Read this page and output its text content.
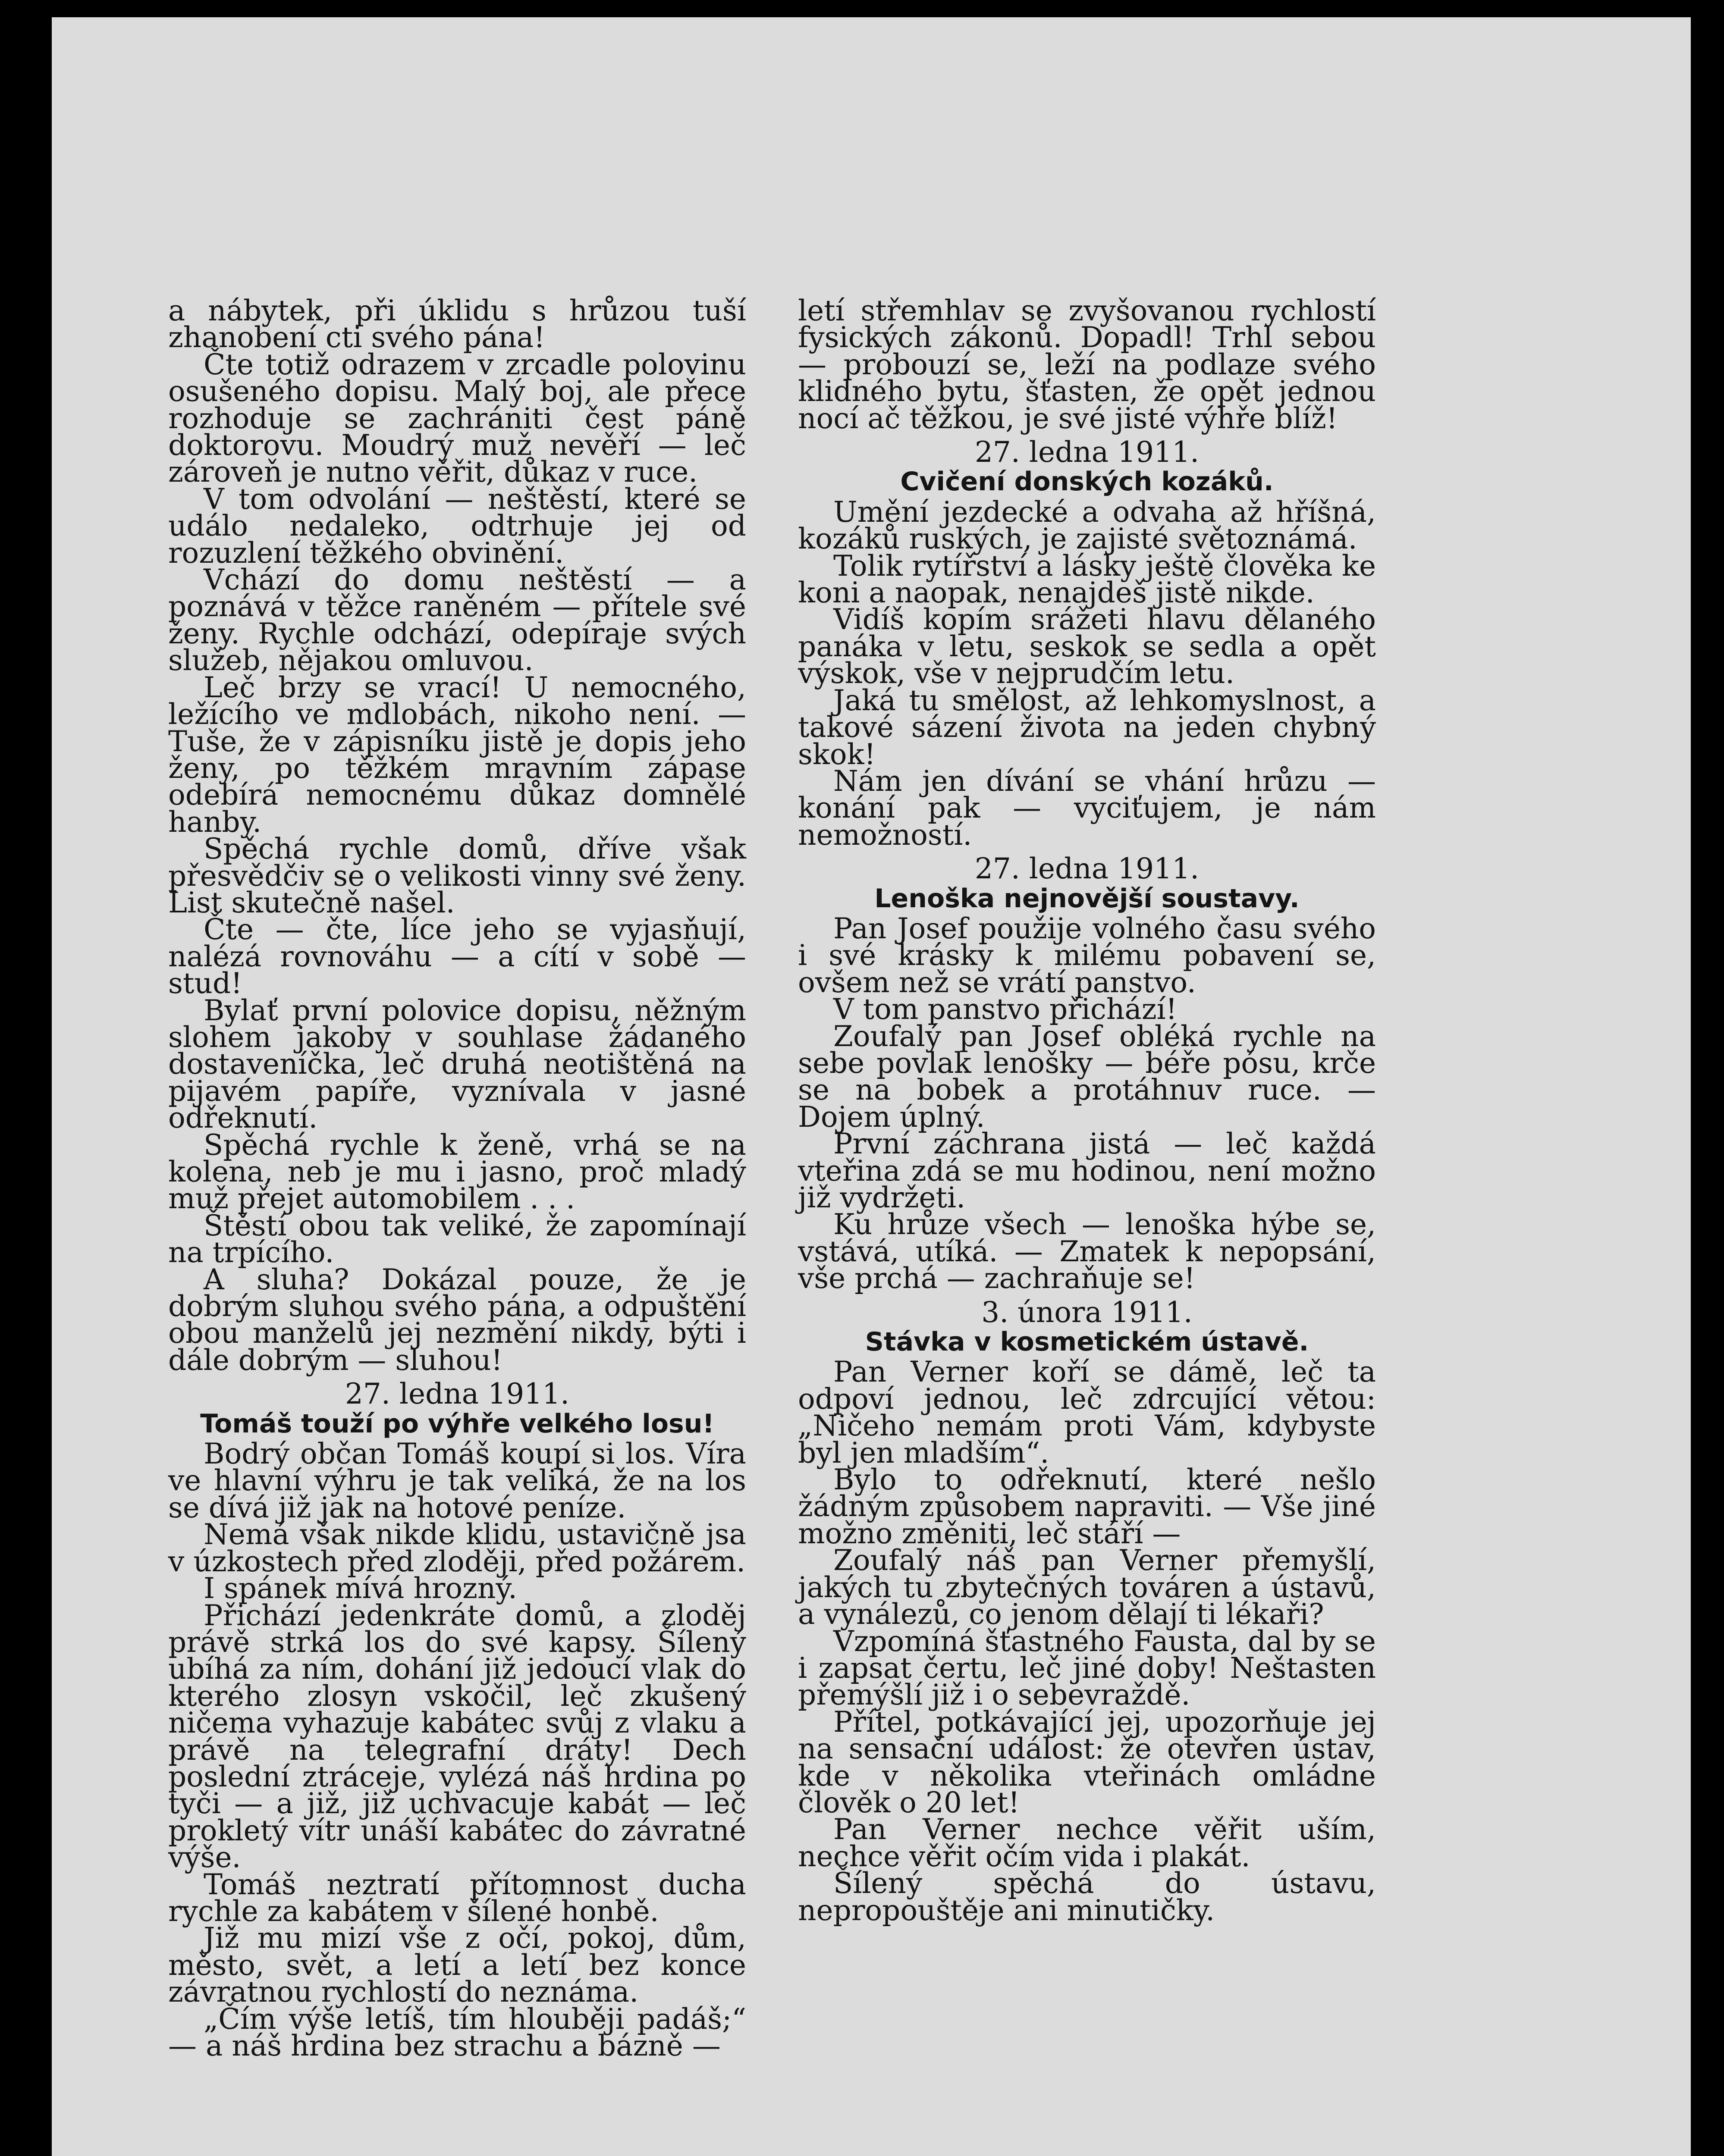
a nábytek, při úklidu s hrůzou tuší zhanobení cti svého pána!

Čte totiž odrazem v zrcadle polovinu osušeného dopisu. Malý boj, ale přece rozhoduje se zachrániti čest páně doktorovu. Moudrý muž nevěří — leč zároveň je nutno věřit, důkaz v ruce.

V tom odvolání — neštěstí, které se událo nedaleko, odtrhuje jej od rozuzlení těžkého obvinění.

Vchází do domu neštěstí — a poznává v těžce raněném — přítele své ženy. Rychle odchází, odepíraje svých služeb, nějakou omluvou.

Leč brzy se vrací! U nemocného, ležícího ve mdlobách, nikoho není. — Tuše, že v zápisníku jistě je dopis jeho ženy, po těžkém mravním zápase odebírá nemocnému důkaz domnělé hanby.

Spěchá rychle domů, dříve však přesvědčiv se o velikosti vinny své ženy. List skutečně našel.

Čte — čte, líce jeho se vyjasňují, nalézá rovnováhu — a cítí v sobě — stud!

Bylať první polovice dopisu, něžným slohem jakoby v souhlase žádaného dostaveníčka, leč druhá neotištěná na pijavém papíře, vyznívala v jasné odřeknutí.

Spěchá rychle k ženě, vrhá se na kolena, neb je mu i jasno, proč mladý muž přejet automobilem . . .

Štěstí obou tak veliké, že zapomínají na trpícího.

A sluha? Dokázal pouze, že je dobrým sluhou svého pána, a odpuštění obou manželů jej nezmění nikdy, býti i dále dobrým — sluhou!

27. ledna 1911.

Tomáš touží po výhře velkého losu!

Bodrý občan Tomáš koupí si los. Víra ve hlavní výhru je tak veliká, že na los se dívá již jak na hotové peníze.

Nemá však nikde klidu, ustavičně jsa v úzkostech před zloději, před požárem.

I spánek mívá hrozný.

Přichází jedenkráte domů, a zloděj právě strká los do své kapsy. Šílený ubíhá za ním, dohání již jedoucí vlak do kterého zlosyn vskočil, leč zkušený ničema vyhazuje kabátec svůj z vlaku a právě na telegrafní dráty! Dech poslední ztráceje, vylézá náš hrdina po tyči — a již, již uchvacuje kabát — leč prokletý vítr unáší kabátec do závratné výše.

Tomáš neztratí přítomnost ducha rychle za kabátem v šílené honbě.

Již mu mizí vše z očí, pokoj, dům, město, svět, a letí a letí bez konce závratnou rychlostí do neznáma.

„Čím výše letíš, tím hlouběji padáš;“ — a náš hrdina bez strachu a bázně —

letí střemhlav se zvyšovanou rychlostí fysických zákonů. Dopadl! Trhl sebou — probouzí se, leží na podlaze svého klidného bytu, šťasten, že opět jednou nocí ač těžkou, je své jisté výhře blíž!

27. ledna 1911.

Cvičení donských kozáků.

Umění jezdecké a odvaha až hříšná, kozáků ruských, je zajisté světoznámá.

Tolik rytířství a lásky ještě člověka ke koni a naopak, nenajdeš jistě nikde.

Vidíš kopím srážeti hlavu dělaného panáka v letu, seskok se sedla a opět výskok, vše v nejprudčím letu.

Jaká tu smělost, až lehkomyslnost, a takové sázení života na jeden chybný skok!

Nám jen dívání se vhání hrůzu — konání pak — vyciťujem, je nám nemožností.

27. ledna 1911.

Lenoška nejnovější soustavy.

Pan Josef použije volného času svého i své krásky k milému pobavení se, ovšem než se vrátí panstvo.

V tom panstvo přichází!

Zoufalý pan Josef obléká rychle na sebe povlak lenošky — béře pósu, krče se na bobek a protáhnuv ruce. — Dojem úplný.

První záchrana jistá — leč každá vteřina zdá se mu hodinou, není možno již vydržeti.

Ku hrůze všech — lenoška hýbe se, vstává, utíká. — Zmatek k nepopsání, vše prchá — zachraňuje se!

3. února 1911.

Stávka v kosmetickém ústavě.

Pan Verner koří se dámě, leč ta odpoví jednou, leč zdrcující větou: „Ničeho nemám proti Vám, kdybyste byl jen mladším“.

Bylo to odřeknutí, které nešlo žádným způsobem napraviti. — Vše jiné možno změniti, leč stáří —

Zoufalý náš pan Verner přemyšlí, jakých tu zbytečných továren a ústavů, a vynálezů, co jenom dělají ti lékaři?

Vzpomíná šťastného Fausta, dal by se i zapsat čertu, leč jiné doby! Neštasten přemýšlí již i o sebevraždě.

Přítel, potkávající jej, upozorňuje jej na sensační událost: že otevřen ústav, kde v několika vteřinách omládne člověk o 20 let!

Pan Verner nechce věřit uším, nechce věřit očím vida i plakát.

Šílený spěchá do ústavu, nepropouštěje ani minutičky.
